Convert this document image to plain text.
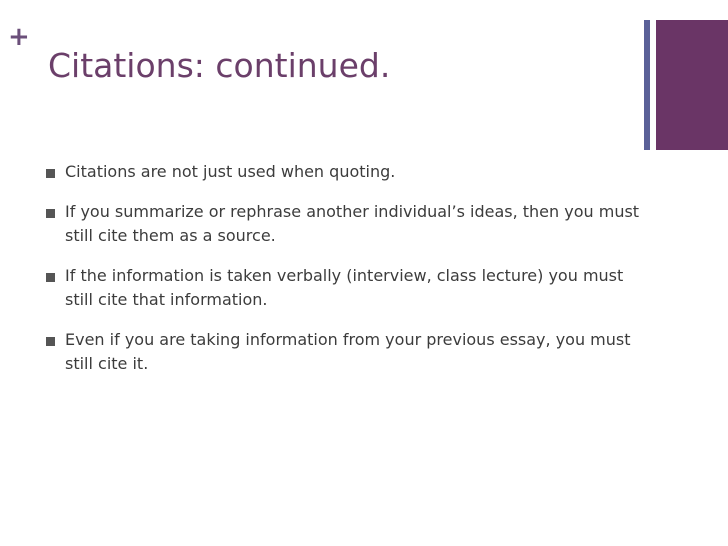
+
Citations: continued.
Citations are not just used when quoting.
If you summarize or rephrase another individual’s ideas, then you must still cite them as a source.
If the information is taken verbally (interview, class lecture) you must still cite that information.
Even if you are taking information from your previous essay, you must still cite it.
